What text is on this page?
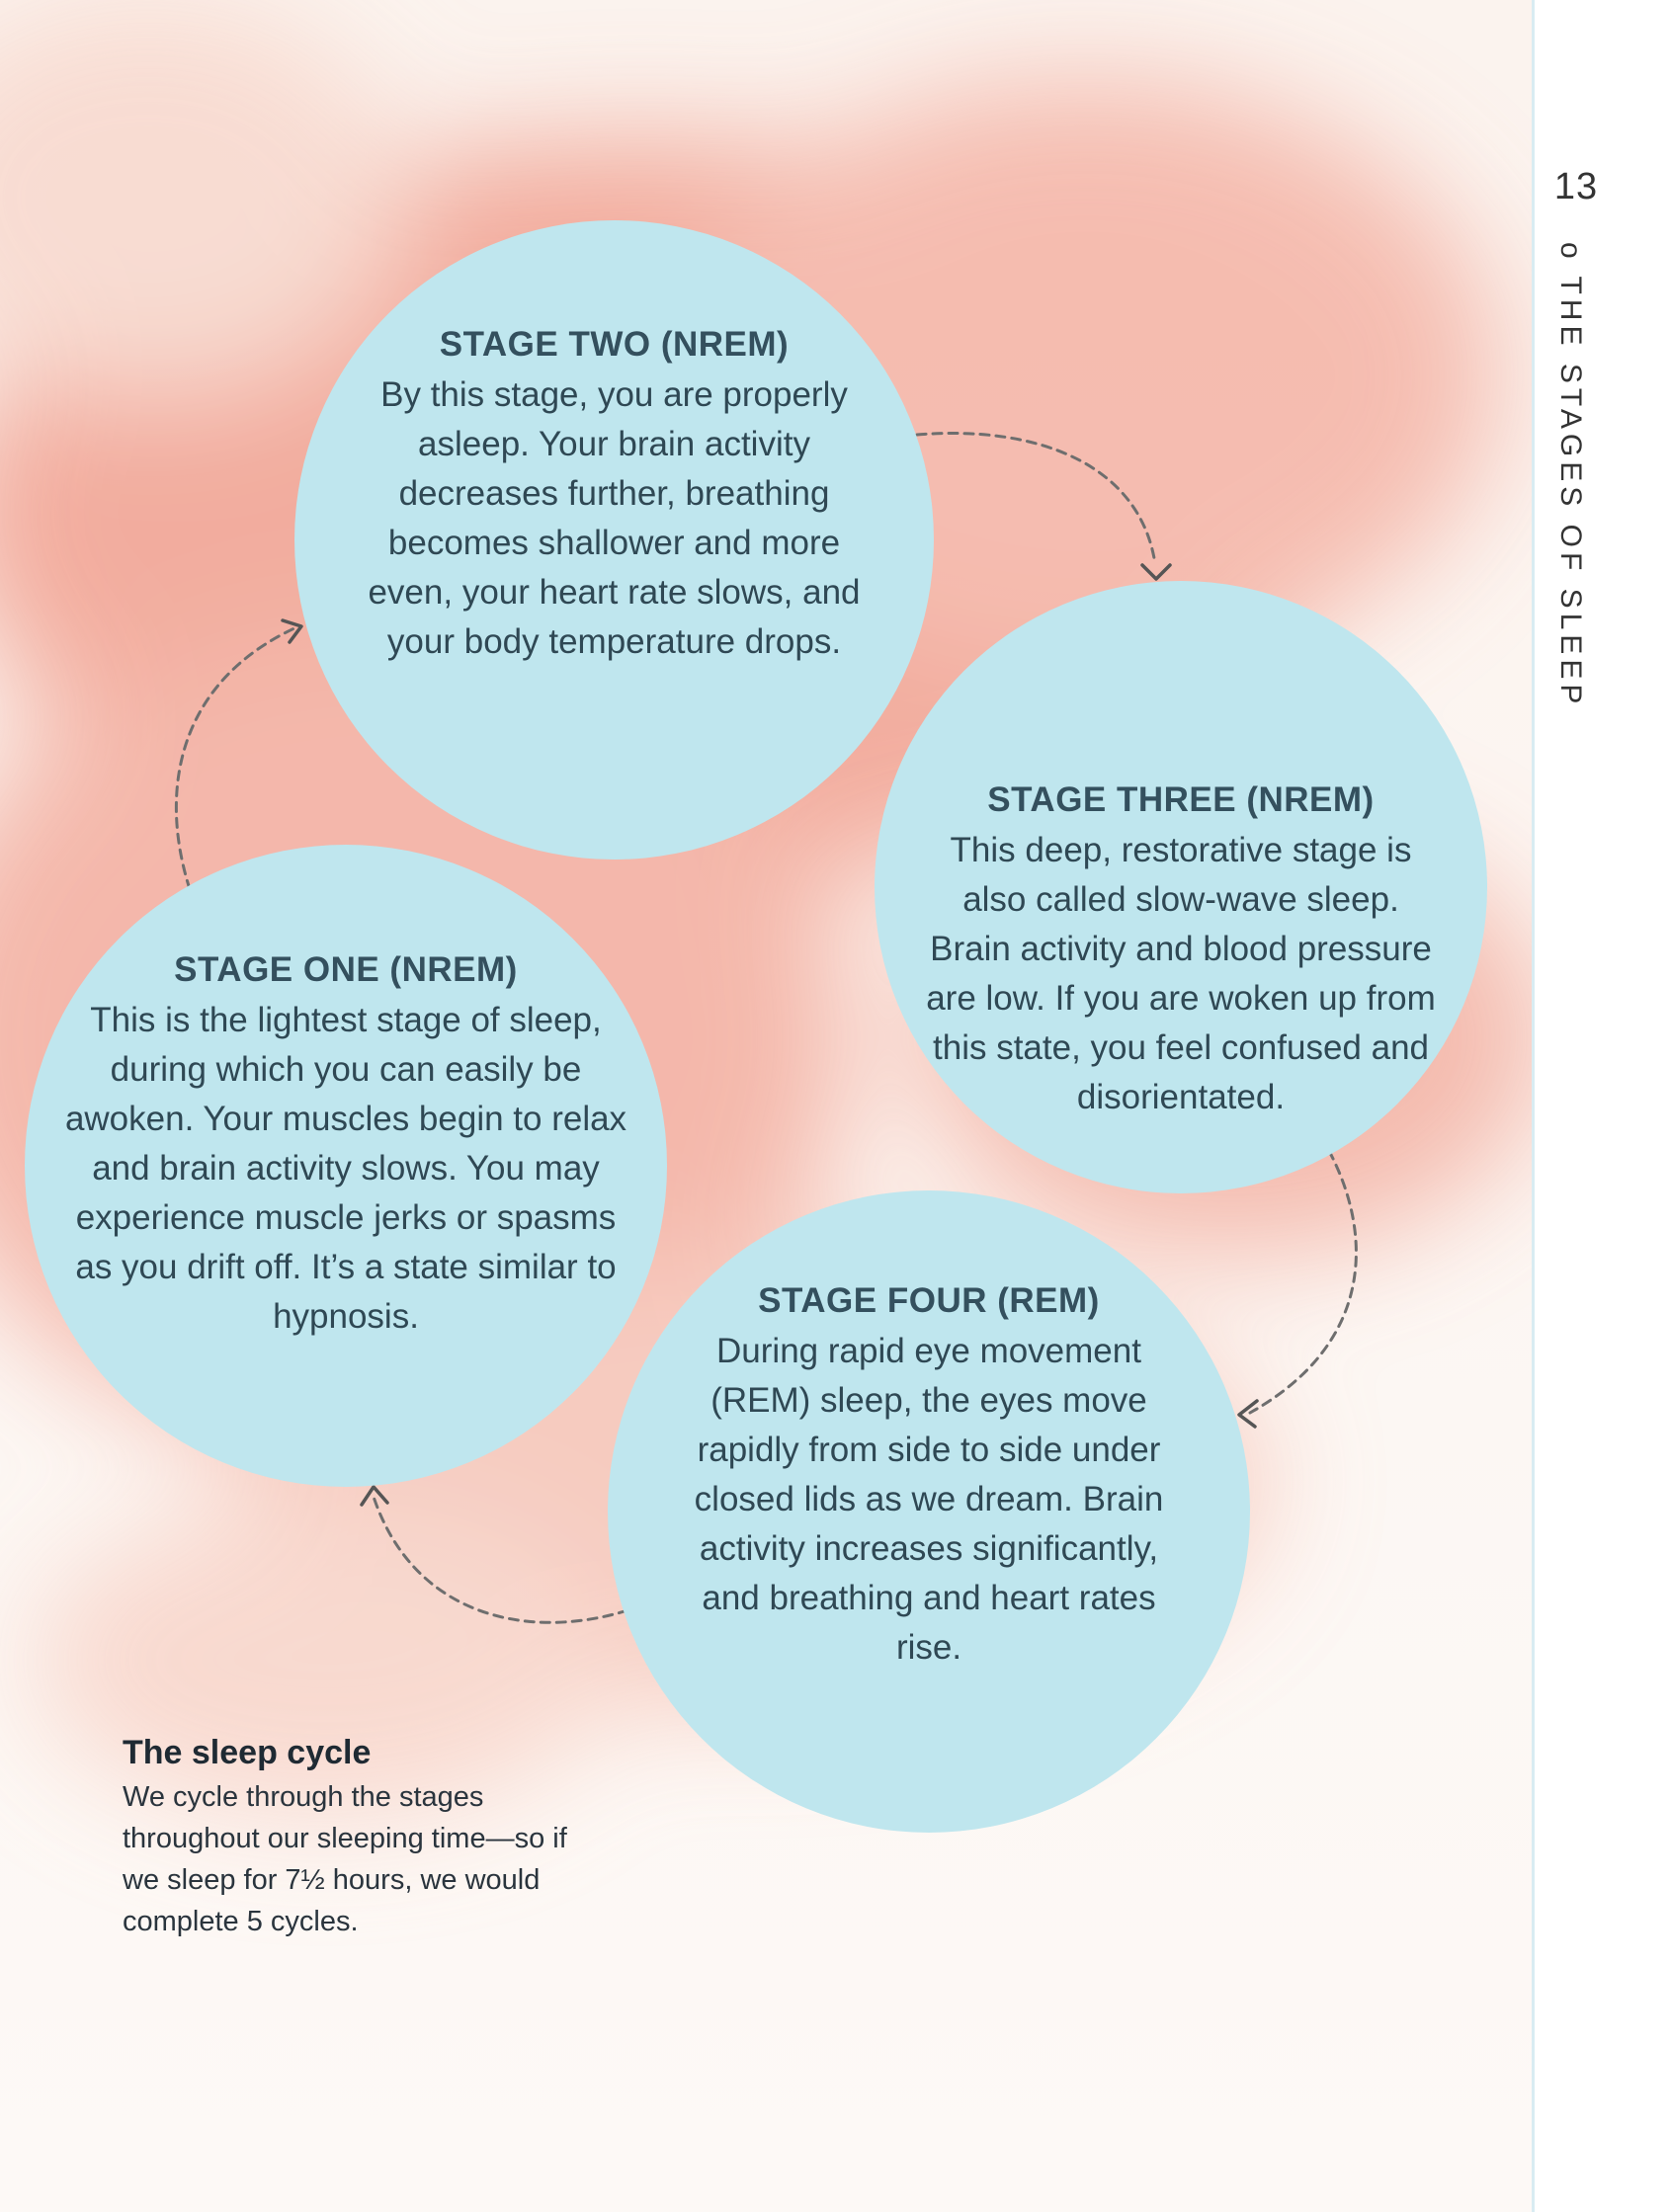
13
o THE STAGES OF SLEEP
STAGE TWO (NREM)

By this stage, you are properly asleep. Your brain activity decreases further, breathing becomes shallower and more even, your heart rate slows, and your body temperature drops.

STAGE THREE (NREM)

This deep, restorative stage is also called slow-wave sleep. Brain activity and blood pressure are low. If you are woken up from this state, you feel confused and disorientated.

STAGE ONE (NREM)

This is the lightest stage of sleep, during which you can easily be awoken. Your muscles begin to relax and brain activity slows. You may experience muscle jerks or spasms as you drift off. It’s a state similar to hypnosis.	STAGE FOUR (REM)

During rapid eye movement (REM) sleep, the eyes move rapidly from side to side under closed lids as we dream. Brain activity increases significantly, and breathing and heart rates rise.

The sleep cycle

We cycle through the stages throughout our sleeping time—so if we sleep for 7½ hours, we would complete 5 cycles.
